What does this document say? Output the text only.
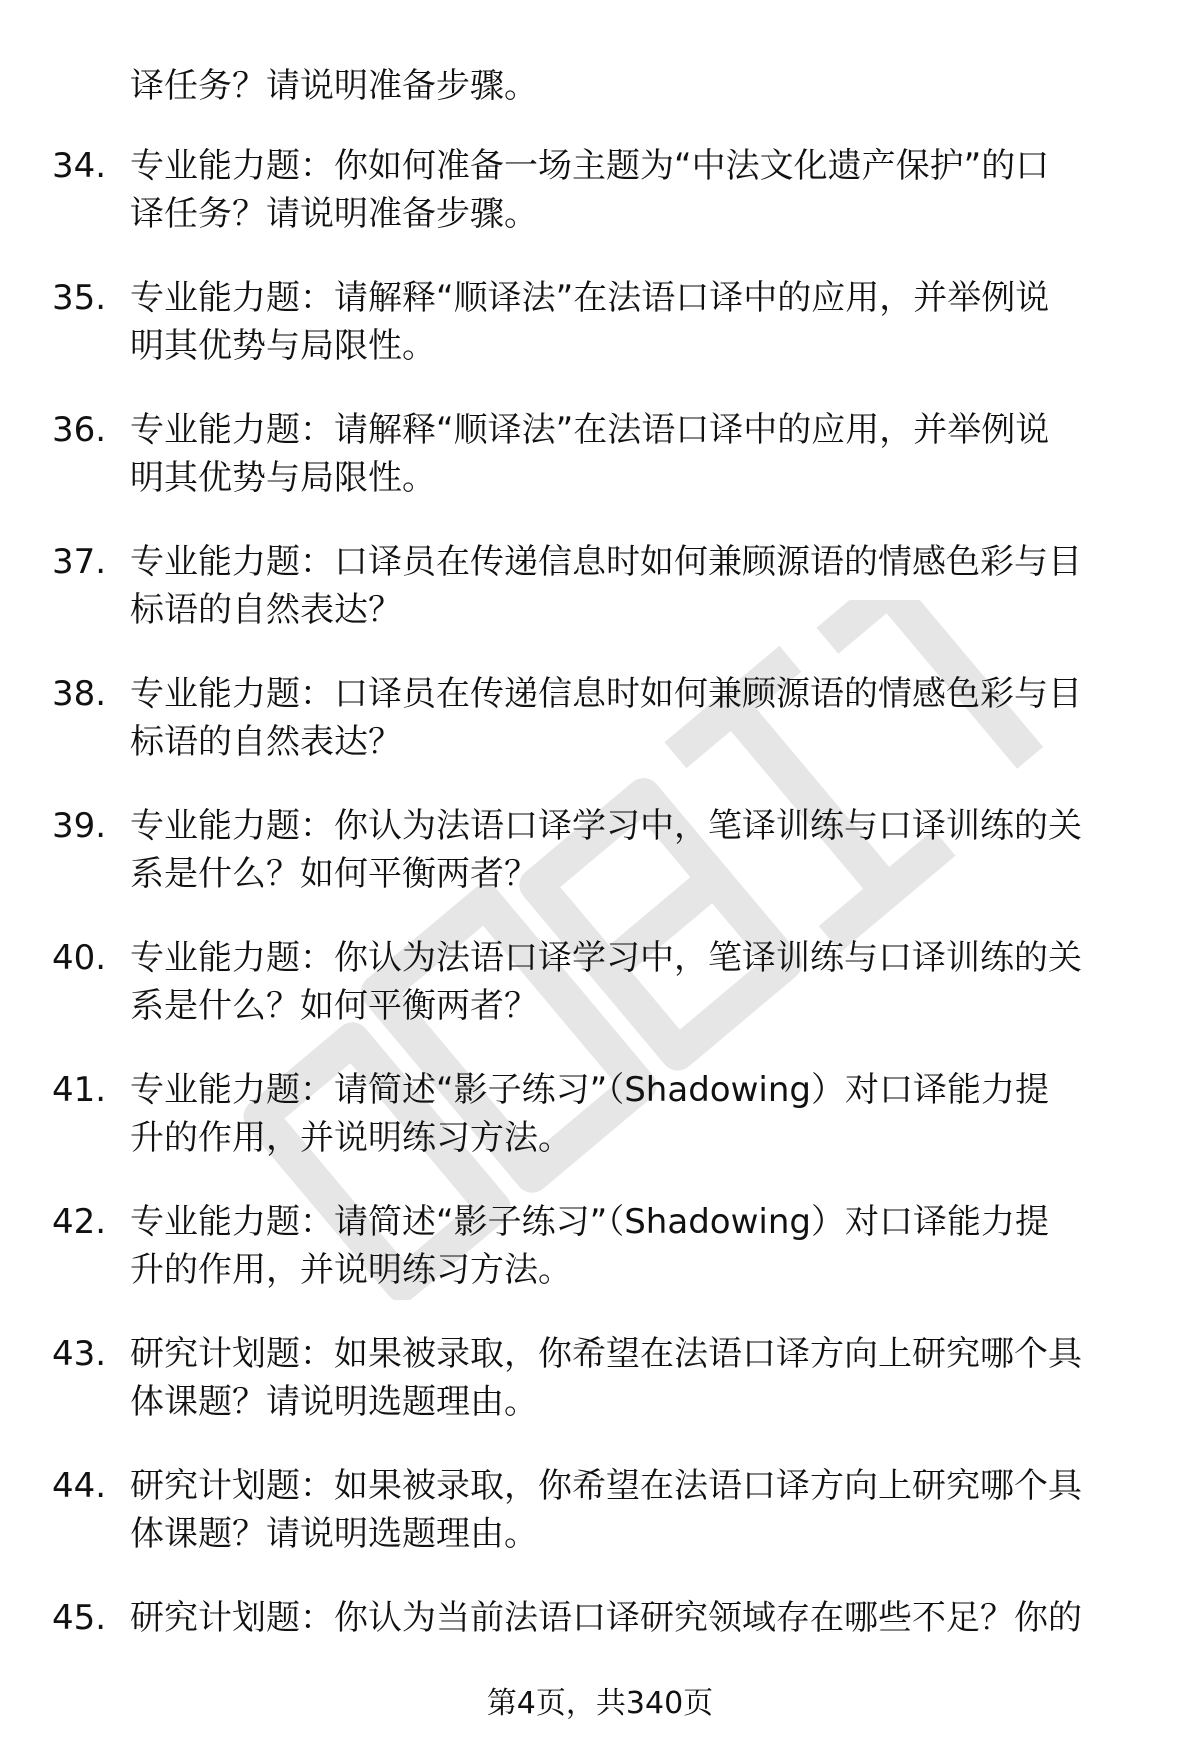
译任务？请说明准备步骤。
34. 专业能力题：你如何准备一场主题为“中法文化遗产保护”的口
译任务？请说明准备步骤。
35. 专业能力题：请解释“顺译法”在法语口译中的应用，并举例说
明其优势与局限性。
36. 专业能力题：请解释“顺译法”在法语口译中的应用，并举例说
明其优势与局限性。
37. 专业能力题：口译员在传递信息时如何兼顾源语的情感色彩与目
标语的自然表达？
38. 专业能力题：口译员在传递信息时如何兼顾源语的情感色彩与目
标语的自然表达？
39. 专业能力题：你认为法语口译学习中，笔译训练与口译训练的关
系是什么？如何平衡两者？
40. 专业能力题：你认为法语口译学习中，笔译训练与口译训练的关
系是什么？如何平衡两者？
41. 专业能力题：请简述“影子练习”（Shadowing）对口译能力提
升的作用，并说明练习方法。
42. 专业能力题：请简述“影子练习”（Shadowing）对口译能力提
升的作用，并说明练习方法。
43. 研究计划题：如果被录取，你希望在法语口译方向上研究哪个具
体课题？请说明选题理由。
44. 研究计划题：如果被录取，你希望在法语口译方向上研究哪个具
体课题？请说明选题理由。
45. 研究计划题：你认为当前法语口译研究领域存在哪些不足？你的
第4页，共340页
